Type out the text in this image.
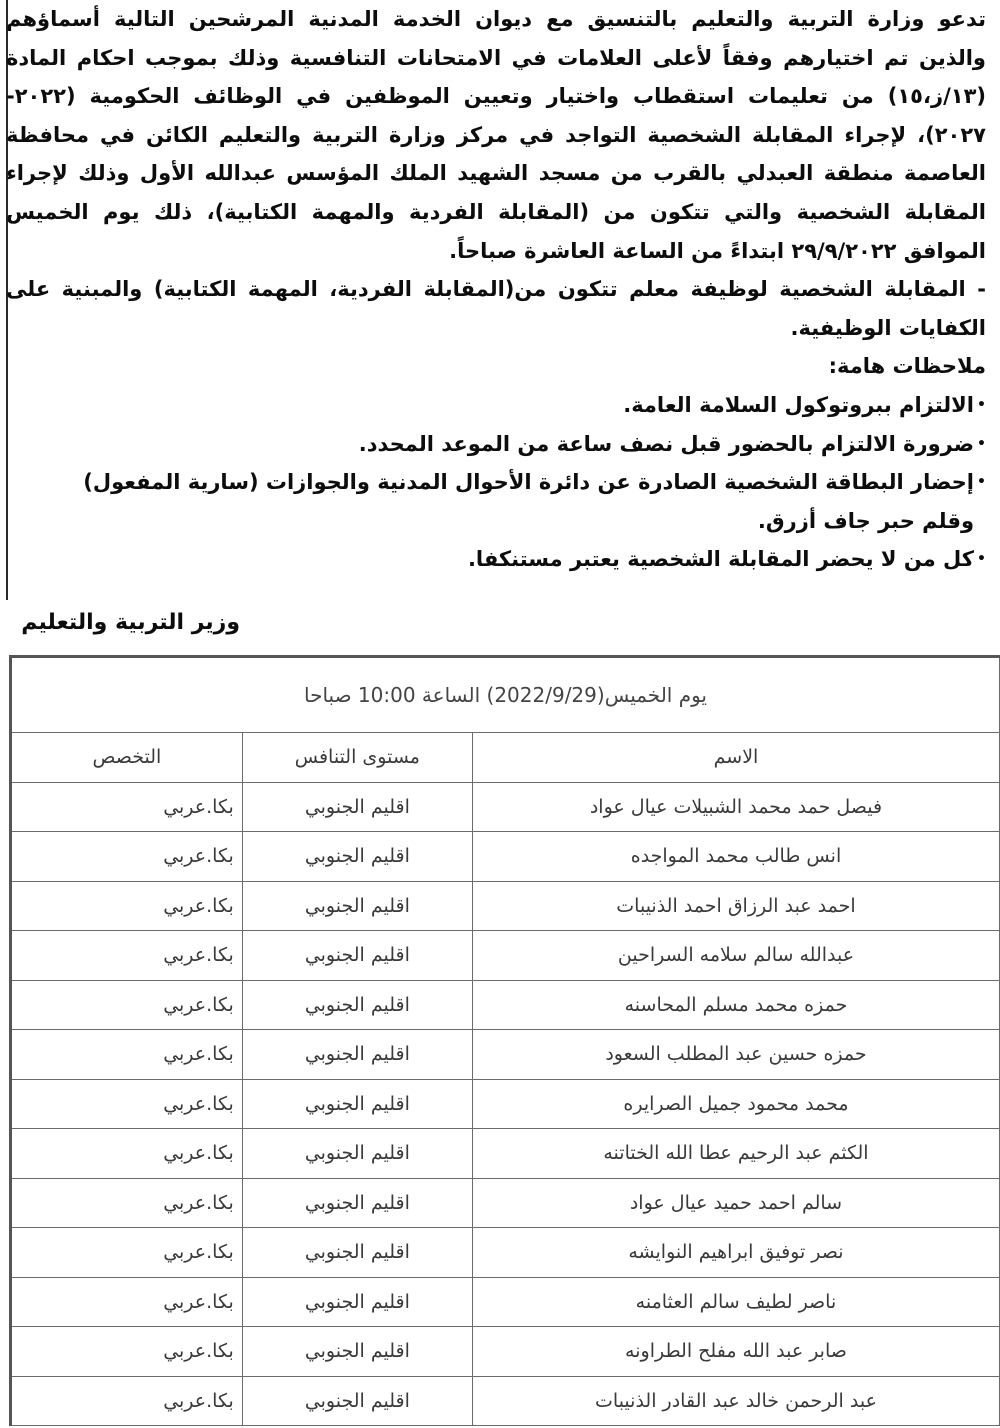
تدعو وزارة التربية والتعليم بالتنسيق مع ديوان الخدمة المدنية المرشحين التالية أسماؤهم
والذين تم اختيارهم وفقاً لأعلى العلامات في الامتحانات التنافسية وذلك بموجب احكام المادة
(١٣/ز،١٥) من تعليمات استقطاب واختيار وتعيين الموظفين في الوظائف الحكومية (٢٠٢٢-
٢٠٢٧)، لإجراء المقابلة الشخصية التواجد في مركز وزارة التربية والتعليم الكائن في محافظة
العاصمة منطقة العبدلي بالقرب من مسجد الشهيد الملك المؤسس عبدالله الأول وذلك لإجراء
المقابلة الشخصية والتي تتكون من (المقابلة الفردية والمهمة الكتابية)، ذلك يوم الخميس
الموافق ٢٩/٩/٢٠٢٢ ابتداءً من الساعة العاشرة صباحاً.

- المقابلة الشخصية لوظيفة معلم تتكون من(المقابلة الفردية، المهمة الكتابية) والمبنية على
الكفايات الوظيفية.

ملاحظات هامة:

• الالتزام ببروتوكول السلامة العامة.
• ضرورة الالتزام بالحضور قبل نصف ساعة من الموعد المحدد.
• إحضار البطاقة الشخصية الصادرة عن دائرة الأحوال المدنية والجوازات (سارية المفعول)
وقلم حبر جاف أزرق.
• كل من لا يحضر المقابلة الشخصية يعتبر مستنكفا.
وزير التربية والتعليم
يوم الخميس(2022/9/29) الساعة 10:00 صباحا		
الاسم	مستوى التنافس	التخصص
فيصل حمد محمد الشبيلات عيال عواد	اقليم الجنوبي	بكا.عربي
انس طالب محمد المواجده	اقليم الجنوبي	بكا.عربي
احمد عبد الرزاق احمد الذنيبات	اقليم الجنوبي	بكا.عربي
عبدالله سالم سلامه السراحين	اقليم الجنوبي	بكا.عربي
حمزه محمد مسلم المحاسنه	اقليم الجنوبي	بكا.عربي
حمزه حسين عبد المطلب السعود	اقليم الجنوبي	بكا.عربي
محمد محمود جميل الصرايره	اقليم الجنوبي	بكا.عربي
الكثم عبد الرحيم عطا الله الختاتنه	اقليم الجنوبي	بكا.عربي
سالم احمد حميد عيال عواد	اقليم الجنوبي	بكا.عربي
نصر توفيق ابراهيم النوايشه	اقليم الجنوبي	بكا.عربي
ناصر لطيف سالم العثامنه	اقليم الجنوبي	بكا.عربي
صابر عبد الله مفلح الطراونه	اقليم الجنوبي	بكا.عربي
عبد الرحمن خالد عبد القادر الذنيبات	اقليم الجنوبي	بكا.عربي
